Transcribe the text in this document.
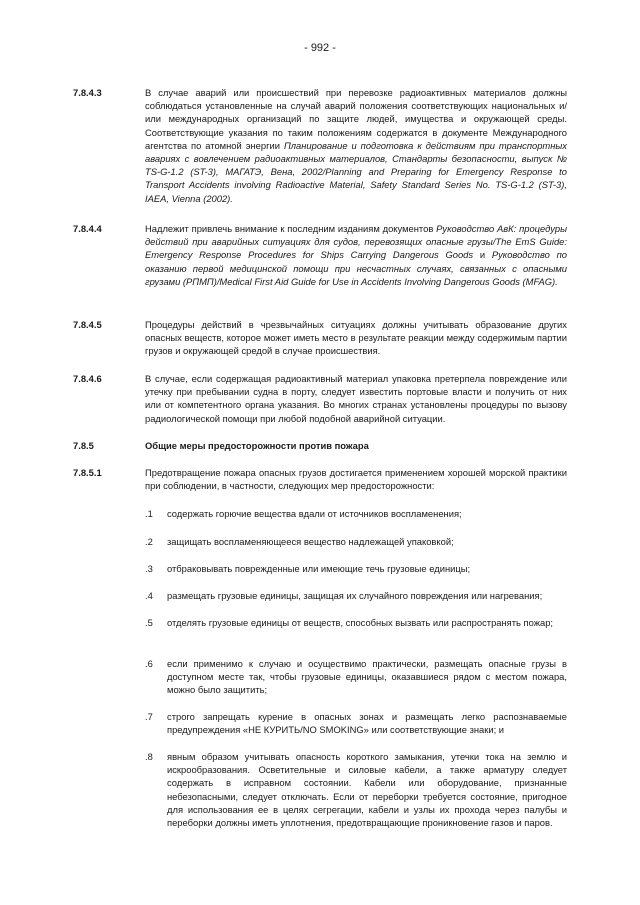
- 992 -
7.8.4.3	В случае аварий или происшествий при перевозке радиоактивных материалов должны соблюдаться установленные на случай аварий положения соответствующих национальных и/или международных организаций по защите людей, имущества и окружающей среды. Соответствующие указания по таким положениям содержатся в документе Международного агентства по атомной энергии Планирование и подготовка к действиям при транспортных авариях с вовлечением радиоактивных материалов, Стандарты безопасности, выпуск № TS-G-1.2 (ST-3), МАГАТЭ, Вена, 2002/Planning and Preparing for Emergency Response to Transport Accidents involving Radioactive Material, Safety Standard Series No. TS-G-1.2 (ST-3), IAEA, Vienna (2002).
7.8.4.4	Надлежит привлечь внимание к последним изданиям документов Руководство АвК: процедуры действий при аварийных ситуациях для судов, перевозящих опасные грузы/The EmS Guide: Emergency Response Procedures for Ships Carrying Dangerous Goods и Руководство по оказанию первой медицинской помощи при несчастных случаях, связанных с опасными грузами (РПМП)/Medical First Aid Guide for Use in Accidents Involving Dangerous Goods (MFAG).
7.8.4.5	Процедуры действий в чрезвычайных ситуациях должны учитывать образование других опасных веществ, которое может иметь место в результате реакции между содержимым партии грузов и окружающей средой в случае происшествия.
7.8.4.6	В случае, если содержащая радиоактивный материал упаковка претерпела повреждение или утечку при пребывании судна в порту, следует известить портовые власти и получить от них или от компетентного органа указания. Во многих странах установлены процедуры по вызову радиологической помощи при любой подобной аварийной ситуации.
7.8.5	Общие меры предосторожности против пожара
7.8.5.1	Предотвращение пожара опасных грузов достигается применением хорошей морской практики при соблюдении, в частности, следующих мер предосторожности:
.1 содержать горючие вещества вдали от источников воспламенения;
.2 защищать воспламеняющееся вещество надлежащей упаковкой;
.3 отбраковывать поврежденные или имеющие течь грузовые единицы;
.4 размещать грузовые единицы, защищая их случайного повреждения или нагревания;
.5 отделять грузовые единицы от веществ, способных вызвать или распространять пожар;
.6 если применимо к случаю и осуществимо практически, размещать опасные грузы в доступном месте так, чтобы грузовые единицы, оказавшиеся рядом с местом пожара, можно было защитить;
.7 строго запрещать курение в опасных зонах и размещать легко распознаваемые предупреждения «НЕ КУРИТЬ/NO SMOKING» или соответствующие знаки; и
.8 явным образом учитывать опасность короткого замыкания, утечки тока на землю и искрообразования. Осветительные и силовые кабели, а также арматуру следует содержать в исправном состоянии. Кабели или оборудование, признанные небезопасными, следует отключать. Если от переборки требуется состояние, пригодное для использования ее в целях сегрегации, кабели и узлы их прохода через палубы и переборки должны иметь уплотнения, предотвращающие проникновение газов и паров.
